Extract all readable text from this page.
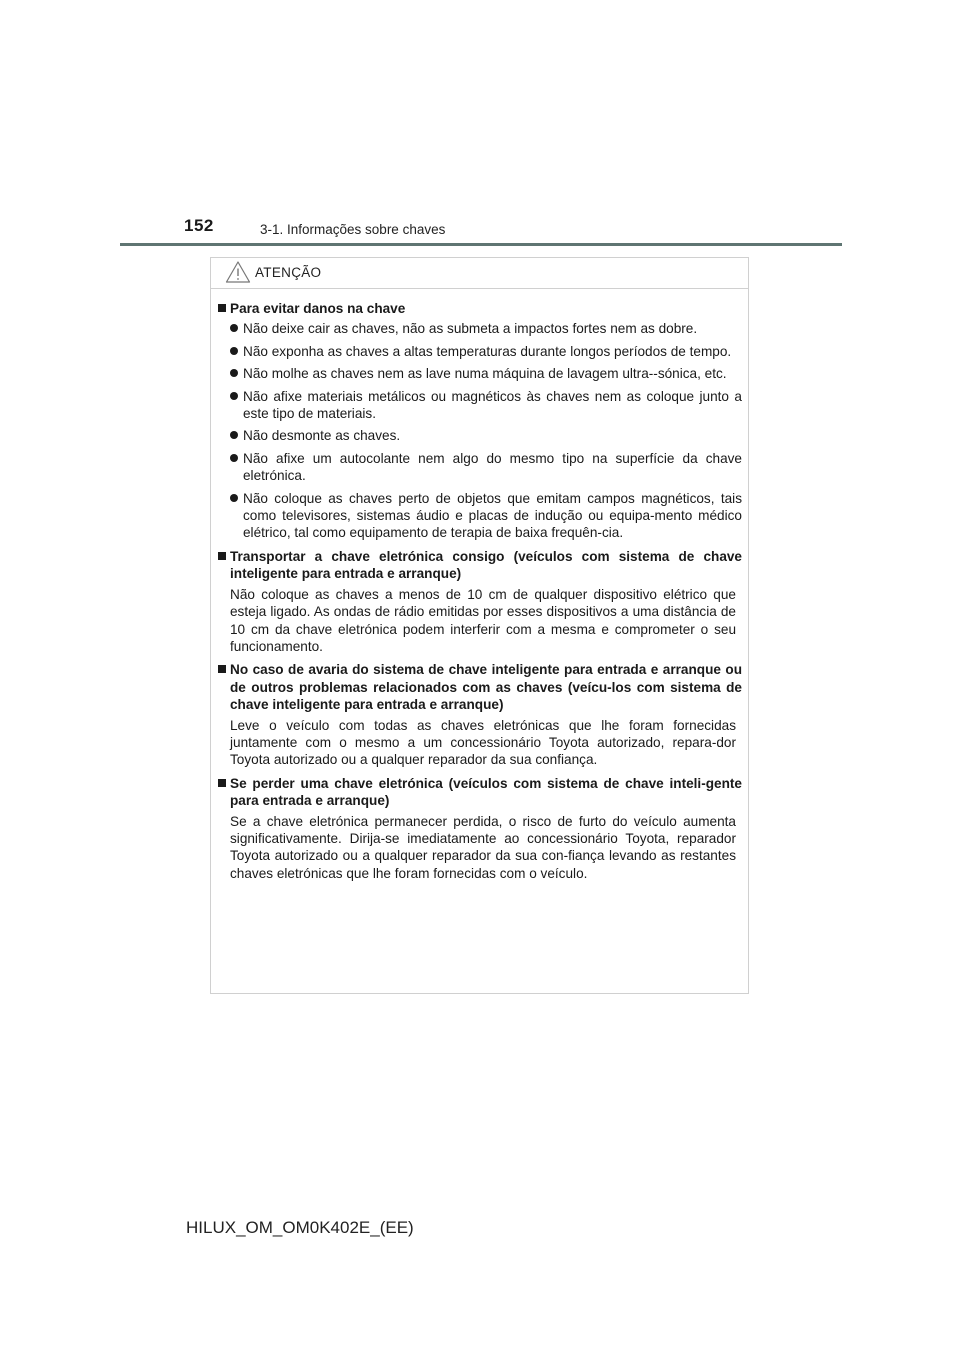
152	3-1. Informações sobre chaves
ATENÇÃO
Para evitar danos na chave
Não deixe cair as chaves, não as submeta a impactos fortes nem as dobre.
Não exponha as chaves a altas temperaturas durante longos períodos de tempo.
Não molhe as chaves nem as lave numa máquina de lavagem ultra--sónica, etc.
Não afixe materiais metálicos ou magnéticos às chaves nem as coloque junto a este tipo de materiais.
Não desmonte as chaves.
Não afixe um autocolante nem algo do mesmo tipo na superfície da chave eletrónica.
Não coloque as chaves perto de objetos que emitam campos magnéticos, tais como televisores, sistemas áudio e placas de indução ou equipa-mento médico elétrico, tal como equipamento de terapia de baixa frequên-cia.
Transportar a chave eletrónica consigo (veículos com sistema de chave inteligente para entrada e arranque)
Não coloque as chaves a menos de 10 cm de qualquer dispositivo elétrico que esteja ligado. As ondas de rádio emitidas por esses dispositivos a uma distância de 10 cm da chave eletrónica podem interferir com a mesma e comprometer o seu funcionamento.
No caso de avaria do sistema de chave inteligente para entrada e arranque ou de outros problemas relacionados com as chaves (veícu-los com sistema de chave inteligente para entrada e arranque)
Leve o veículo com todas as chaves eletrónicas que lhe foram fornecidas juntamente com o mesmo a um concessionário Toyota autorizado, repara-dor Toyota autorizado ou a qualquer reparador da sua confiança.
Se perder uma chave eletrónica (veículos com sistema de chave inteli-gente para entrada e arranque)
Se a chave eletrónica permanecer perdida, o risco de furto do veículo aumenta significativamente. Dirija-se imediatamente ao concessionário Toyota, reparador Toyota autorizado ou a qualquer reparador da sua con-fiança levando as restantes chaves eletrónicas que lhe foram fornecidas com o veículo.
HILUX_OM_OM0K402E_(EE)
